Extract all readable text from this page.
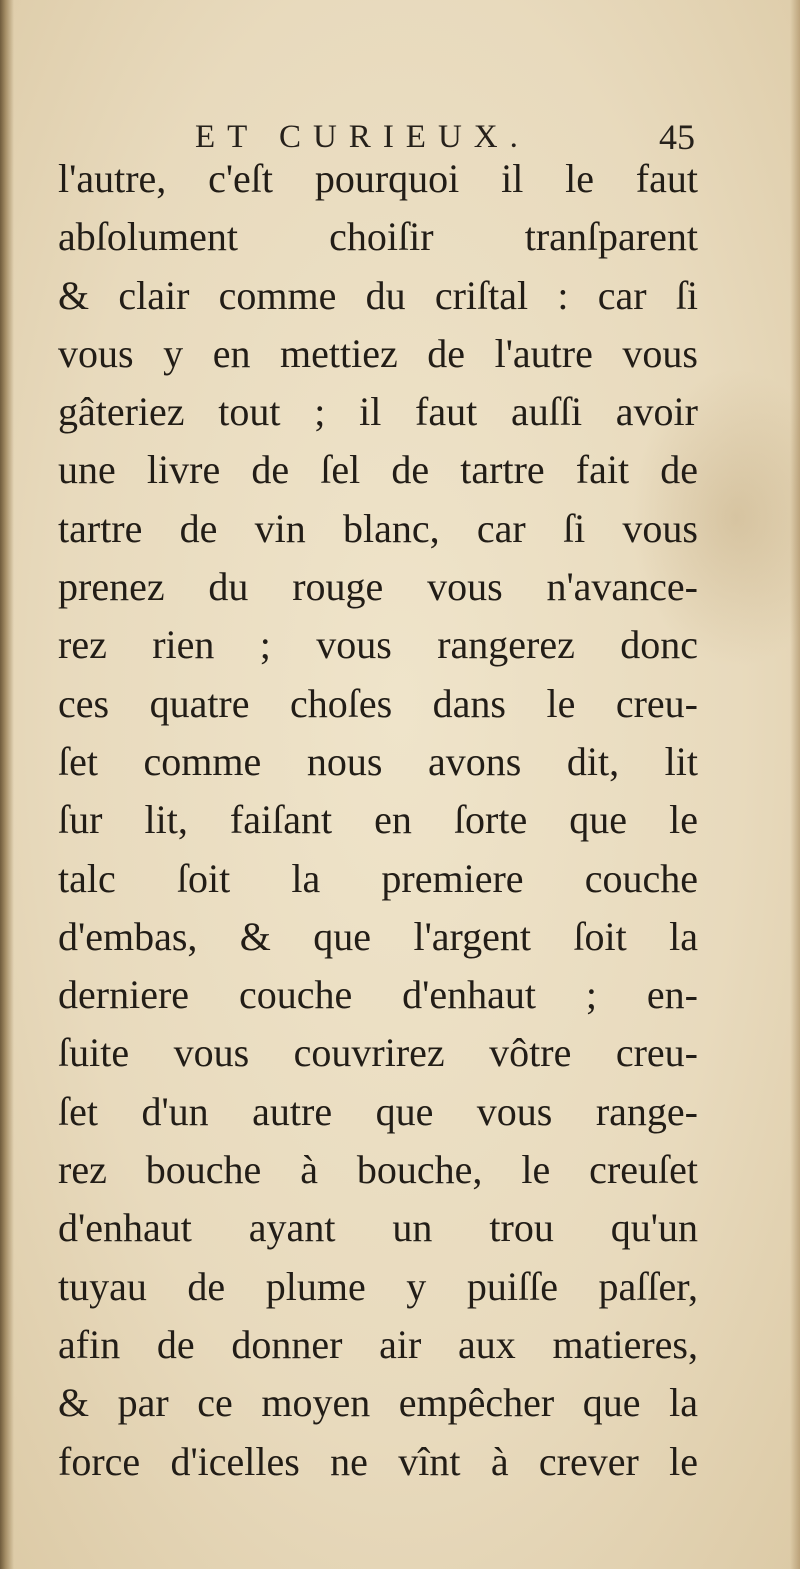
ET CURIEUX.	45
l'autre, c'eſt pourquoi il le faut
abſolument choiſir tranſparent
& clair comme du criſtal : car ſi
vous y en mettiez de l'autre vous
gâteriez tout ; il faut auſſi avoir
une livre de ſel de tartre fait de
tartre de vin blanc, car ſi vous
prenez du rouge vous n'avance-
rez rien ; vous rangerez donc
ces quatre choſes dans le creu-
ſet comme nous avons dit, lit
ſur lit, faiſant en ſorte que le
talc ſoit la premiere couche
d'embas, & que l'argent ſoit la
derniere couche d'enhaut ; en-
ſuite vous couvrirez vôtre creu-
ſet d'un autre que vous range-
rez bouche à bouche, le creuſet
d'enhaut ayant un trou qu'un
tuyau de plume y puiſſe paſſer,
afin de donner air aux matieres,
& par ce moyen empêcher que la
force d'icelles ne vînt à crever le
